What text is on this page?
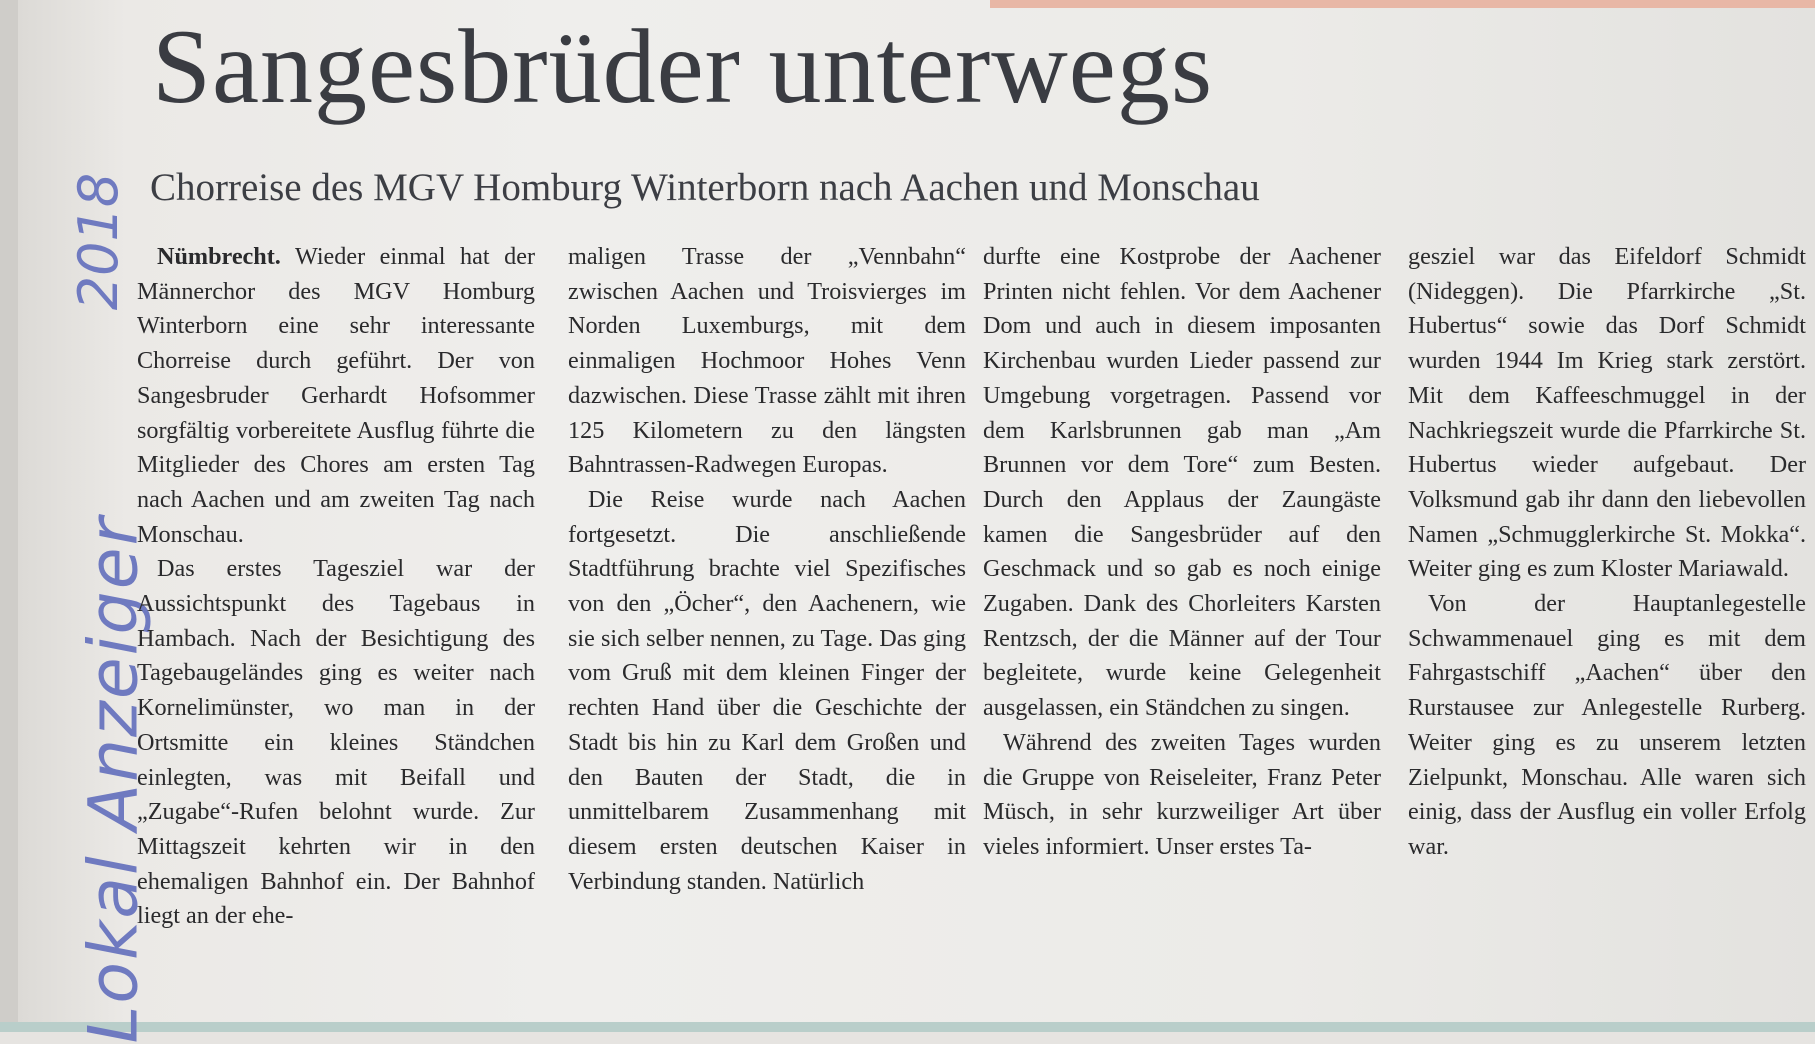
2018
Lokal Anzeiger
Sangesbrüder unterwegs
Chorreise des MGV Homburg Winterborn nach Aachen und Monschau

Nümbrecht. Wieder einmal hat der Männerchor des MGV Homburg Winterborn eine sehr interessante Chorreise durch geführt. Der von Sangesbruder Gerhardt Hofsommer sorgfältig vorbereitete Ausflug führte die Mitglieder des Chores am ersten Tag nach Aachen und am zweiten Tag nach Monschau.

Das erstes Tagesziel war der Aussichtspunkt des Tagebaus in Hambach. Nach der Besichtigung des Tagebaugeländes ging es weiter nach Kornelimünster, wo man in der Ortsmitte ein kleines Ständchen einlegten, was mit Beifall und „Zugabe“-Rufen belohnt wurde. Zur Mittagszeit kehrten wir in den ehemaligen Bahnhof ein. Der Bahnhof liegt an der ehe-

maligen Trasse der „Vennbahn“ zwischen Aachen und Troisvierges im Norden Luxemburgs, mit dem einmaligen Hochmoor Hohes Venn dazwischen. Diese Trasse zählt mit ihren 125 Kilometern zu den längsten Bahntrassen-Radwegen Europas.

Die Reise wurde nach Aachen fortgesetzt. Die anschließende Stadtführung brachte viel Spezifisches von den „Öcher“, den Aachenern, wie sie sich selber nennen, zu Tage. Das ging vom Gruß mit dem kleinen Finger der rechten Hand über die Geschichte der Stadt bis hin zu Karl dem Großen und den Bauten der Stadt, die in unmittelbarem Zusammenhang mit diesem ersten deutschen Kaiser in Verbindung standen. Natürlich

durfte eine Kostprobe der Aachener Printen nicht fehlen. Vor dem Aachener Dom und auch in diesem imposanten Kirchenbau wurden Lieder passend zur Umgebung vorgetragen. Passend vor dem Karlsbrunnen gab man „Am Brunnen vor dem Tore“ zum Besten. Durch den Applaus der Zaungäste kamen die Sangesbrüder auf den Geschmack und so gab es noch einige Zugaben. Dank des Chorleiters Karsten Rentzsch, der die Männer auf der Tour begleitete, wurde keine Gelegenheit ausgelassen, ein Ständchen zu singen.

Während des zweiten Tages wurden die Gruppe von Reiseleiter, Franz Peter Müsch, in sehr kurzweiliger Art über vieles informiert. Unser erstes Ta-

gesziel war das Eifeldorf Schmidt (Nideggen). Die Pfarrkirche „St. Hubertus“ sowie das Dorf Schmidt wurden 1944 Im Krieg stark zerstört. Mit dem Kaffeeschmuggel in der Nachkriegszeit wurde die Pfarrkirche St. Hubertus wieder aufgebaut. Der Volksmund gab ihr dann den liebevollen Namen „Schmugglerkirche St. Mokka“. Weiter ging es zum Kloster Mariawald.

Von der Hauptanlegestelle Schwammenauel ging es mit dem Fahrgastschiff „Aachen“ über den Rurstausee zur Anlegestelle Rurberg. Weiter ging es zu unserem letzten Zielpunkt, Monschau. Alle waren sich einig, dass der Ausflug ein voller Erfolg war.
